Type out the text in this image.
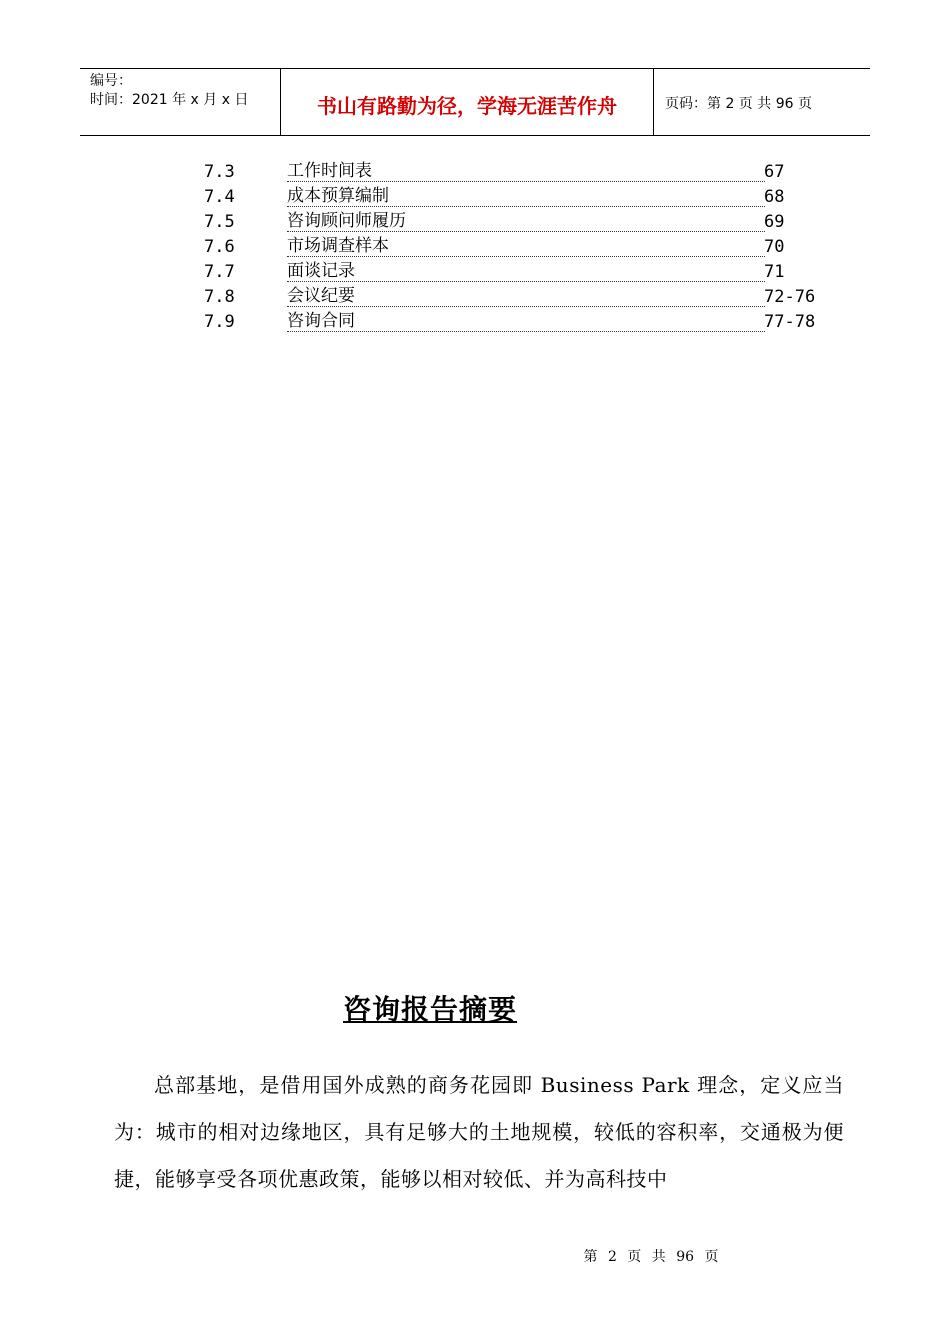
编号：
时间：2021 年 x 月 x 日	书山有路勤为径，学海无涯苦作舟	页码：第 2 页 共 96 页
7.3	工作时间表	67
7.4	成本预算编制	68
7.5	咨询顾问师履历	69
7.6	市场调查样本	70
7.7	面谈记录	71
7.8	会议纪要	72-76
7.9	咨询合同	77-78
咨询报告摘要
总部基地，是借用国外成熟的商务花园即 Business Park 理念，定义应当为：城市的相对边缘地区，具有足够大的土地规模，较低的容积率，交通极为便捷，能够享受各项优惠政策，能够以相对较低、并为高科技中
第 2 页 共 96 页
